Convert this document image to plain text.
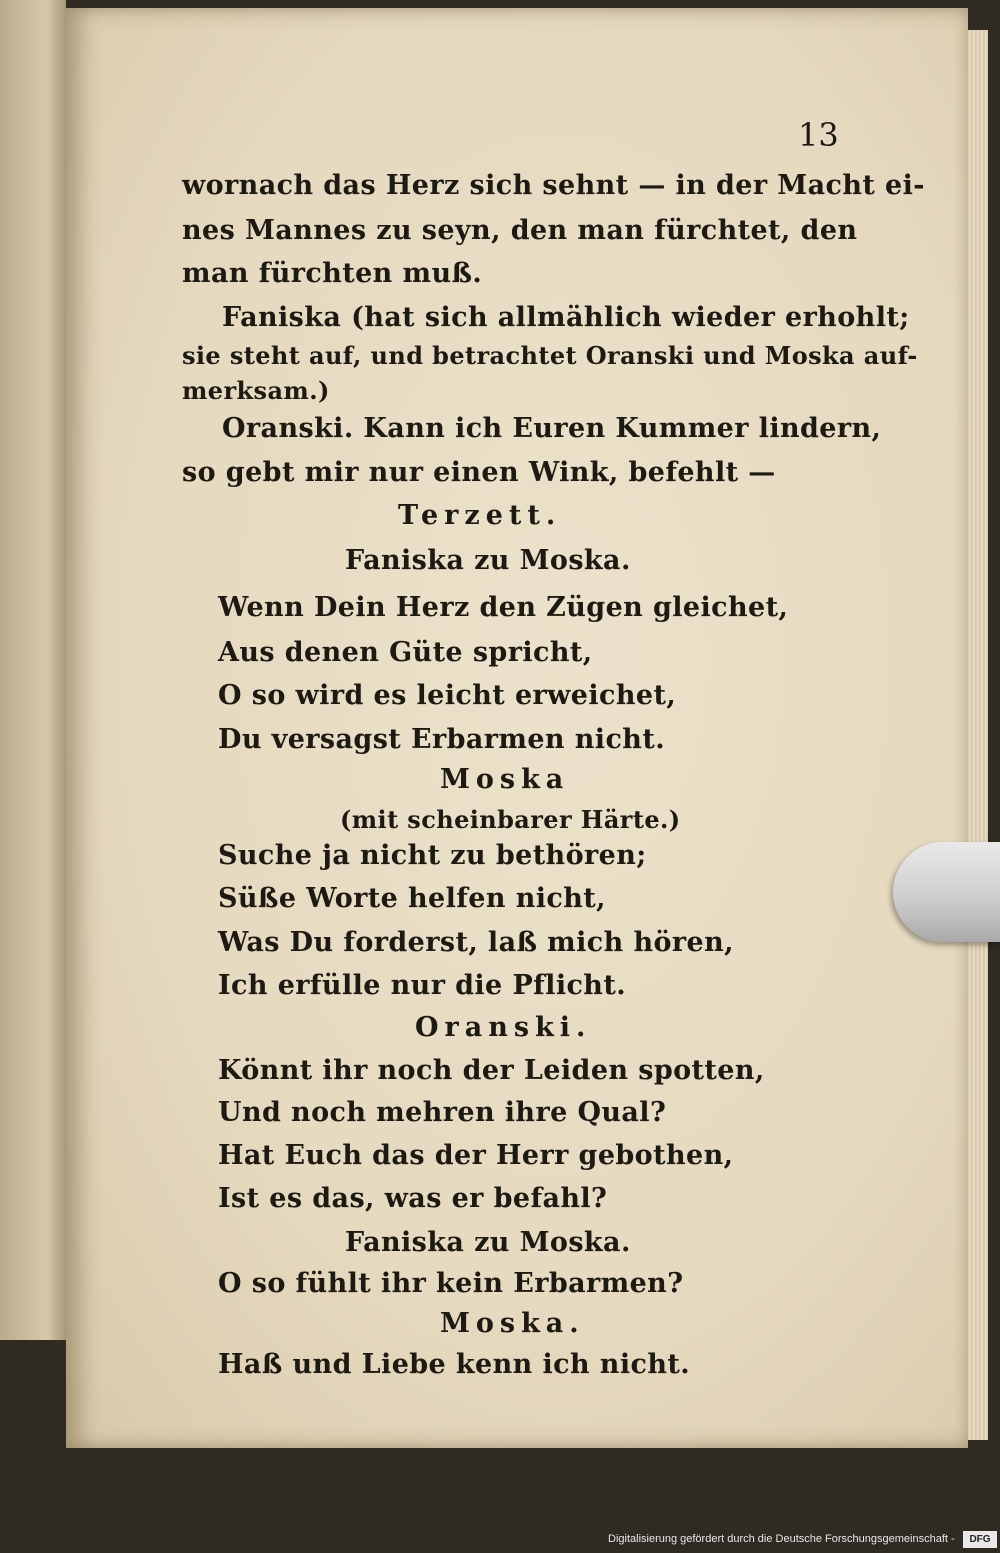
13
wornach das Herz sich sehnt — in der Macht ei-
nes Mannes zu seyn, den man fürchtet, den
man fürchten muß.
Faniska (hat sich allmählich wieder erhohlt;
sie steht auf, und betrachtet Oranski und Moska auf-
merksam.)
Oranski. Kann ich Euren Kummer lindern,
so gebt mir nur einen Wink, befehlt —
Terzett.
Faniska zu Moska.
Wenn Dein Herz den Zügen gleichet,
Aus denen Güte spricht,
O so wird es leicht erweichet,
Du versagst Erbarmen nicht.
Moska
(mit scheinbarer Härte.)
Suche ja nicht zu bethören;
Süße Worte helfen nicht,
Was Du forderst, laß mich hören,
Ich erfülle nur die Pflicht.
Oranski.
Könnt ihr noch der Leiden spotten,
Und noch mehren ihre Qual?
Hat Euch das der Herr gebothen,
Ist es das, was er befahl?
Faniska zu Moska.
O so fühlt ihr kein Erbarmen?
Moska.
Haß und Liebe kenn ich nicht.
Digitalisierung gefördert durch die Deutsche Forschungsgemeinschaft -	DFG
